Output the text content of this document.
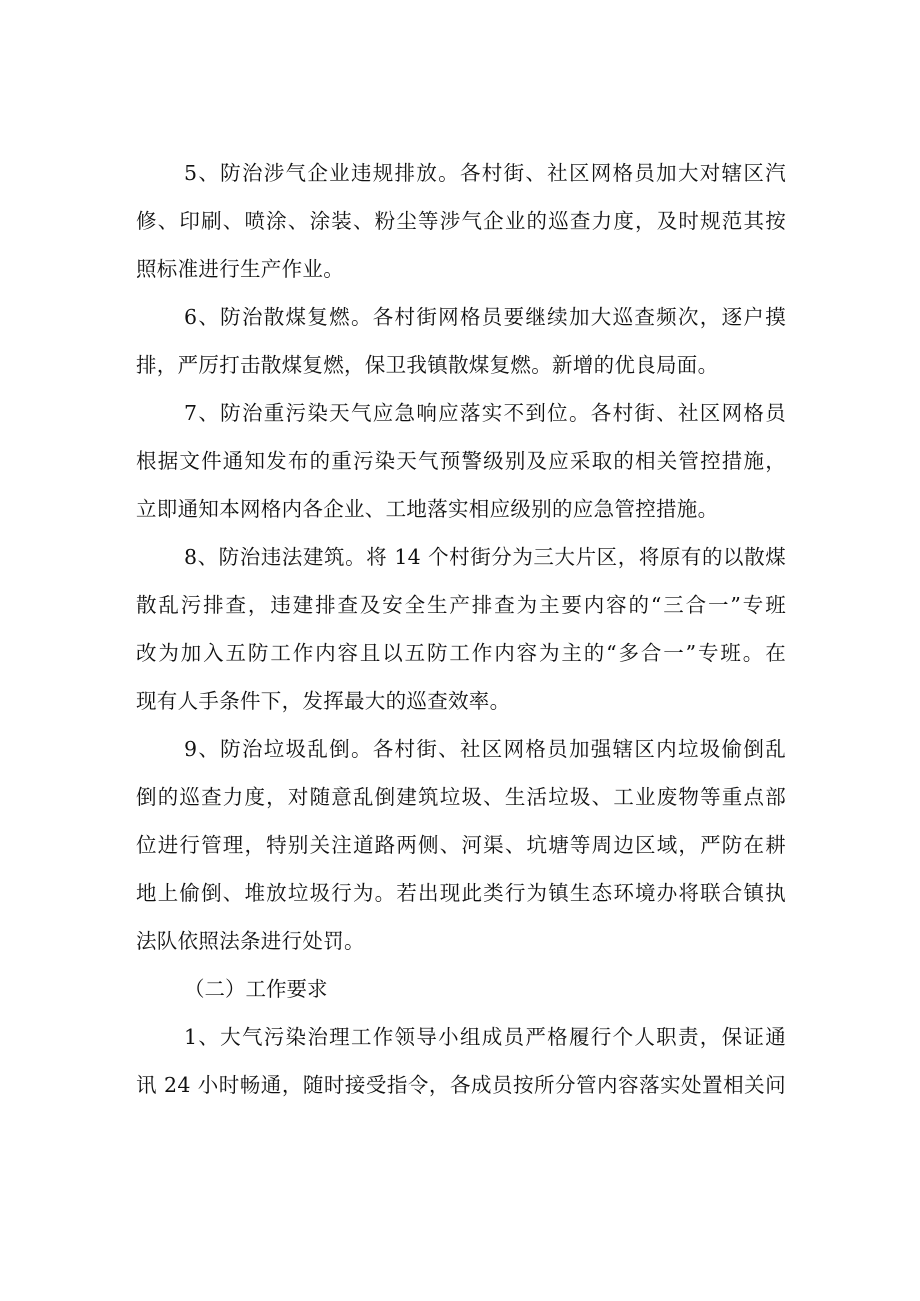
5、防治涉气企业违规排放。各村街、社区网格员加大对辖区汽
修、印刷、喷涂、涂装、粉尘等涉气企业的巡查力度，及时规范其按
照标准进行生产作业。
6、防治散煤复燃。各村街网格员要继续加大巡查频次，逐户摸
排，严厉打击散煤复燃，保卫我镇散煤复燃。新增的优良局面。
7、防治重污染天气应急响应落实不到位。各村街、社区网格员
根据文件通知发布的重污染天气预警级别及应采取的相关管控措施，
立即通知本网格内各企业、工地落实相应级别的应急管控措施。
8、防治违法建筑。将 14 个村街分为三大片区，将原有的以散煤
散乱污排查，违建排查及安全生产排查为主要内容的“三合一”专班
改为加入五防工作内容且以五防工作内容为主的“多合一”专班。在
现有人手条件下，发挥最大的巡查效率。
9、防治垃圾乱倒。各村街、社区网格员加强辖区内垃圾偷倒乱
倒的巡查力度，对随意乱倒建筑垃圾、生活垃圾、工业废物等重点部
位进行管理，特别关注道路两侧、河渠、坑塘等周边区域，严防在耕
地上偷倒、堆放垃圾行为。若出现此类行为镇生态环境办将联合镇执
法队依照法条进行处罚。
（二）工作要求
1、大气污染治理工作领导小组成员严格履行个人职责，保证通
讯 24 小时畅通，随时接受指令，各成员按所分管内容落实处置相关问
